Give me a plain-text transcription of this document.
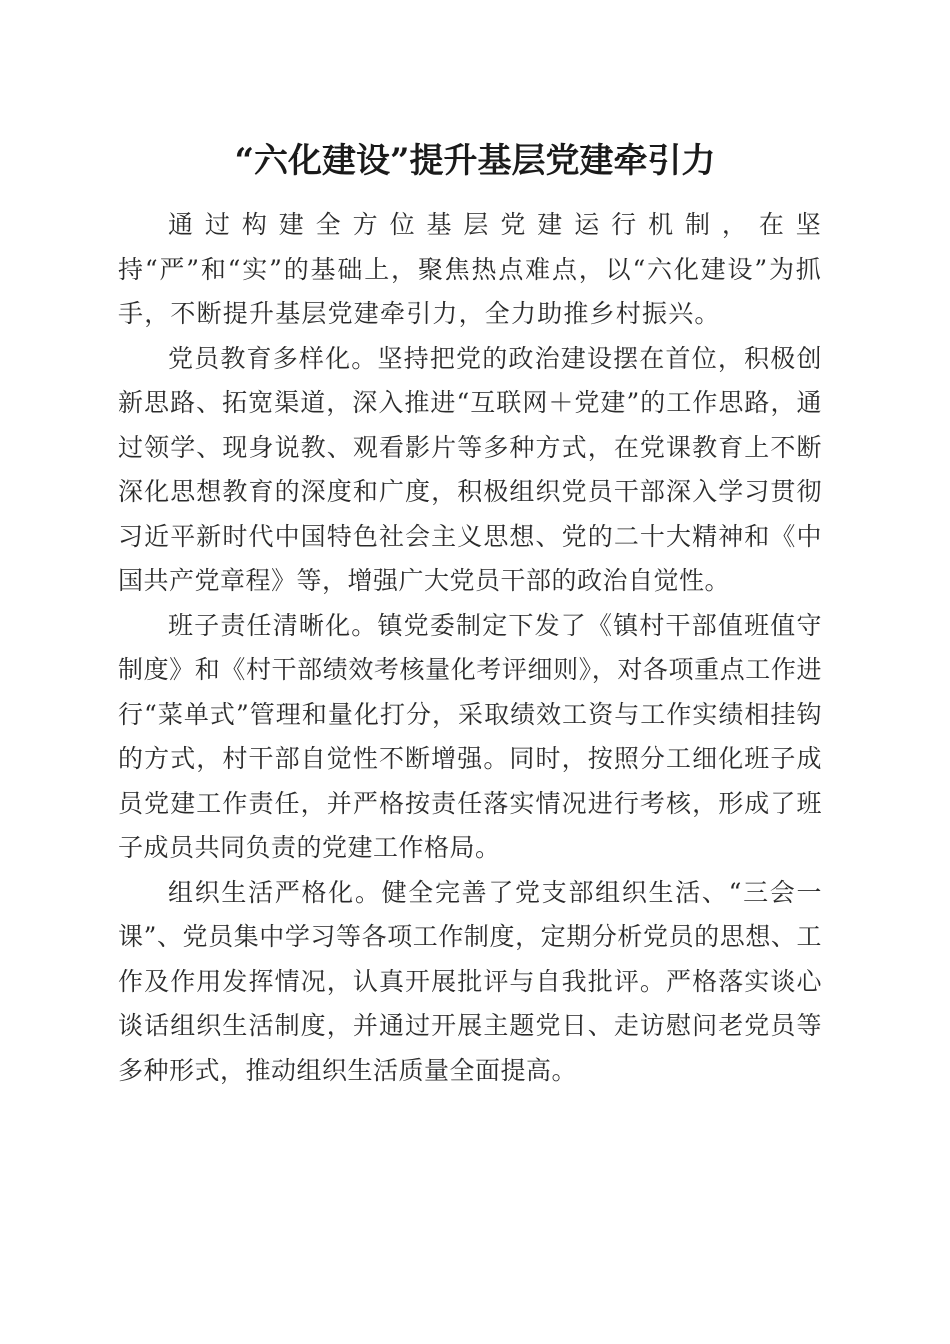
“六化建设”提升基层党建牵引力

通过构建全方位基层党建运行机制，在坚持“严”和“实”的基础上，聚焦热点难点，以“六化建设”为抓手，不断提升基层党建牵引力，全力助推乡村振兴。

党员教育多样化。坚持把党的政治建设摆在首位，积极创新思路、拓宽渠道，深入推进“互联网＋党建”的工作思路，通过领学、现身说教、观看影片等多种方式，在党课教育上不断深化思想教育的深度和广度，积极组织党员干部深入学习贯彻习近平新时代中国特色社会主义思想、党的二十大精神和《中国共产党章程》等，增强广大党员干部的政治自觉性。

班子责任清晰化。镇党委制定下发了《镇村干部值班值守制度》和《村干部绩效考核量化考评细则》，对各项重点工作进行“菜单式”管理和量化打分，采取绩效工资与工作实绩相挂钩的方式，村干部自觉性不断增强。同时，按照分工细化班子成员党建工作责任，并严格按责任落实情况进行考核，形成了班子成员共同负责的党建工作格局。

组织生活严格化。健全完善了党支部组织生活、“三会一课”、党员集中学习等各项工作制度，定期分析党员的思想、工作及作用发挥情况，认真开展批评与自我批评。严格落实谈心谈话组织生活制度，并通过开展主题党日、走访慰问老党员等多种形式，推动组织生活质量全面提高。
